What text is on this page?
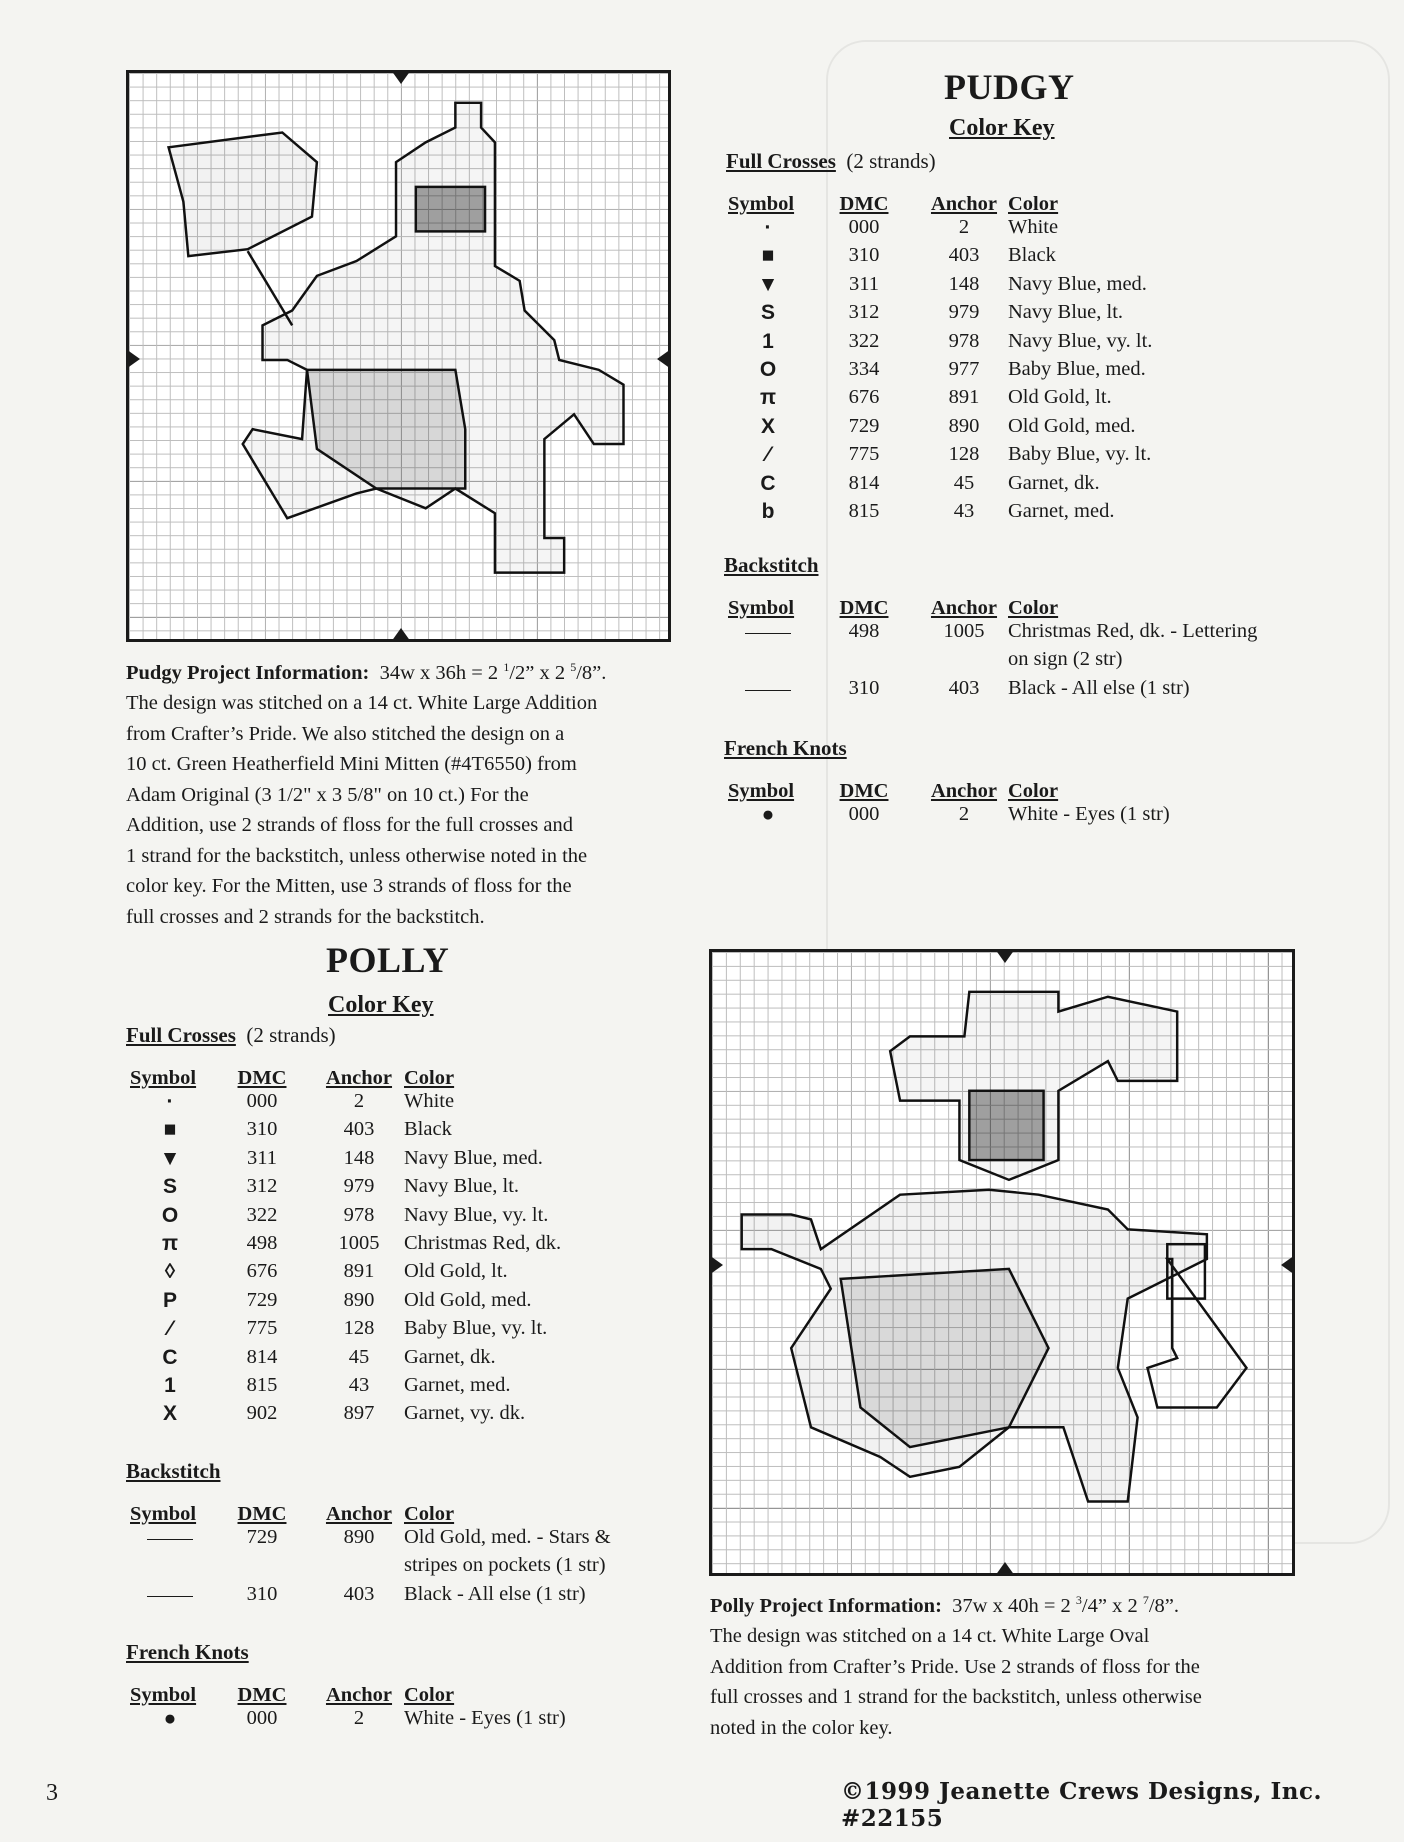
Pudgy Project Information: 34w x 36h = 2 $^1$/2” x 2 $^5$/8”.
The design was stitched on a 14 ct. White Large Addition
from Crafter’s Pride. We also stitched the design on a
10 ct. Green Heatherfield Mini Mitten (#4T6550) from
Adam Original (3 1/2" x 3 5/8" on 10 ct.) For the
Addition, use 2 strands of floss for the full crosses and
1 strand for the backstitch, unless otherwise noted in the
color key. For the Mitten, use 3 strands of floss for the
full crosses and 2 strands for the backstitch.
PUDGY
Color Key
Full Crosses (2 strands)
Symbol	DMC	Anchor	Color
·	000	2	White
■	310	403	Black
▼	311	148	Navy Blue, med.
S	312	979	Navy Blue, lt.
1	322	978	Navy Blue, vy. lt.
O	334	977	Baby Blue, med.
π	676	891	Old Gold, lt.
X	729	890	Old Gold, med.
⁄	775	128	Baby Blue, vy. lt.
C	814	45	Garnet, dk.
b	815	43	Garnet, med.
Backstitch
Symbol	DMC	Anchor	Color
	498	1005	Christmas Red, dk. - Lettering
			on sign (2 str)
	310	403	Black - All else (1 str)
French Knots
Symbol	DMC	Anchor	Color
●	000	2	White - Eyes (1 str)
POLLY
Color Key
Full Crosses (2 strands)
Symbol	DMC	Anchor	Color
·	000	2	White
■	310	403	Black
▼	311	148	Navy Blue, med.
S	312	979	Navy Blue, lt.
O	322	978	Navy Blue, vy. lt.
π	498	1005	Christmas Red, dk.
◊	676	891	Old Gold, lt.
P	729	890	Old Gold, med.
⁄	775	128	Baby Blue, vy. lt.
C	814	45	Garnet, dk.
1	815	43	Garnet, med.
X	902	897	Garnet, vy. dk.
Backstitch
Symbol	DMC	Anchor	Color
	729	890	Old Gold, med. - Stars &
			stripes on pockets (1 str)
	310	403	Black - All else (1 str)
French Knots
Symbol	DMC	Anchor	Color
●	000	2	White - Eyes (1 str)
Polly Project Information: 37w x 40h = 2 $^3$/4” x 2 $^7$/8”.
The design was stitched on a 14 ct. White Large Oval
Addition from Crafter’s Pride. Use 2 strands of floss for the
full crosses and 1 strand for the backstitch, unless otherwise
noted in the color key.
3	©1999 Jeanette Crews Designs, Inc. #22155
